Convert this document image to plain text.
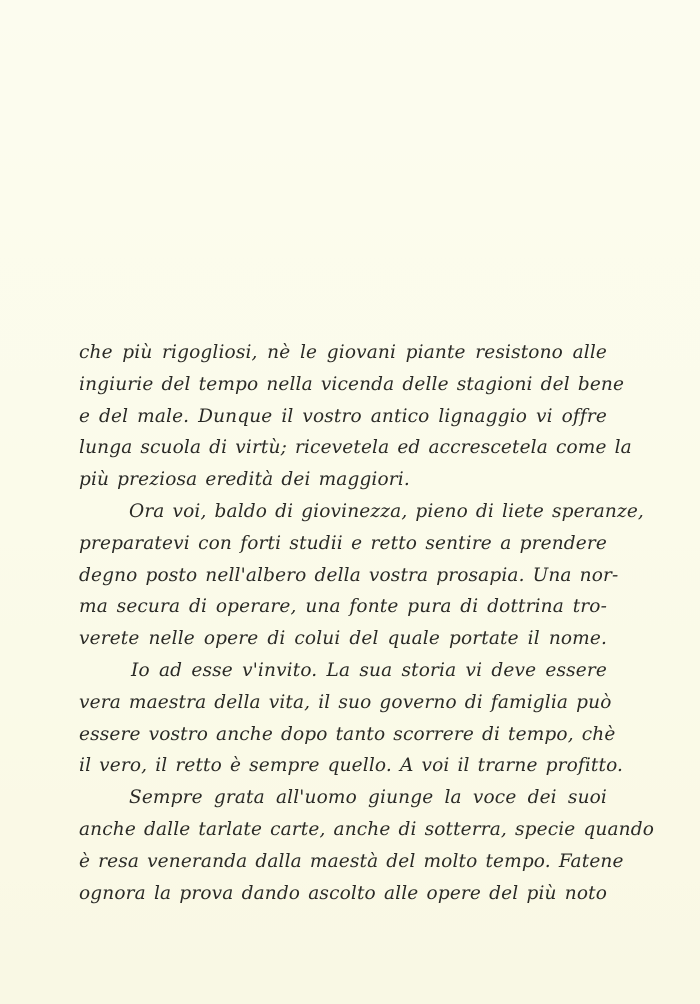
che più rigogliosi, nè le giovani piante resistono alle
ingiurie del tempo nella vicenda delle stagioni del bene
e del male. Dunque il vostro antico lignaggio vi offre
lunga scuola di virtù; ricevetela ed accrescetela come la
più preziosa eredità dei maggiori.
Ora voi, baldo di giovinezza, pieno di liete speranze,
preparatevi con forti studii e retto sentire a prendere
degno posto nell'albero della vostra prosapia. Una nor-
ma secura di operare, una fonte pura di dottrina tro-
verete nelle opere di colui del quale portate il nome.
Io ad esse v'invito. La sua storia vi deve essere
vera maestra della vita, il suo governo di famiglia può
essere vostro anche dopo tanto scorrere di tempo, chè
il vero, il retto è sempre quello. A voi il trarne profitto.
Sempre grata all'uomo giunge la voce dei suoi
anche dalle tarlate carte, anche di sotterra, specie quando
è resa veneranda dalla maestà del molto tempo. Fatene
ognora la prova dando ascolto alle opere del più noto
